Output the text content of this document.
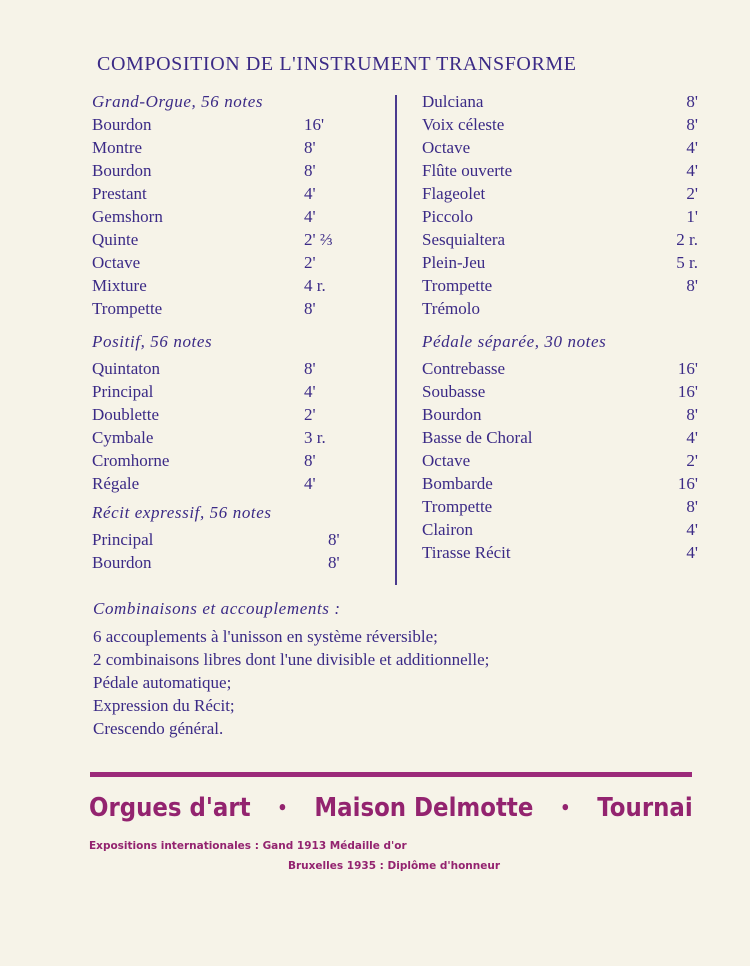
COMPOSITION DE L'INSTRUMENT TRANSFORME
Grand-Orgue, 56 notes
Bourdon	16'
Montre	8'
Bourdon	8'
Prestant	4'
Gemshorn	4'
Quinte	2' ⅔
Octave	2'
Mixture	4 r.
Trompette	8'
Positif, 56 notes
Quintaton	8'
Principal	4'
Doublette	2'
Cymbale	3 r.
Cromhorne	8'
Régale	4'
Récit expressif, 56 notes
Principal	8'
Bourdon	8'
Dulciana	8'
Voix céleste	8'
Octave	4'
Flûte ouverte	4'
Flageolet	2'
Piccolo	1'
Sesquialtera	2 r.
Plein-Jeu	5 r.
Trompette	8'
Trémolo
Pédale séparée, 30 notes
Contrebasse	16'
Soubasse	16'
Bourdon	8'
Basse de Choral	4'
Octave	2'
Bombarde	16'
Trompette	8'
Clairon	4'
Tirasse Récit	4'
Combinaisons et accouplements :
6 accouplements à l'unisson en système réversible;
2 combinaisons libres dont l'une divisible et additionnelle;
Pédale automatique;
Expression du Récit;
Crescendo général.
Orgues d'art • Maison Delmotte • Tournai
Expositions internationales : Gand 1913 Médaille d'or
Bruxelles 1935 : Diplôme d'honneur
